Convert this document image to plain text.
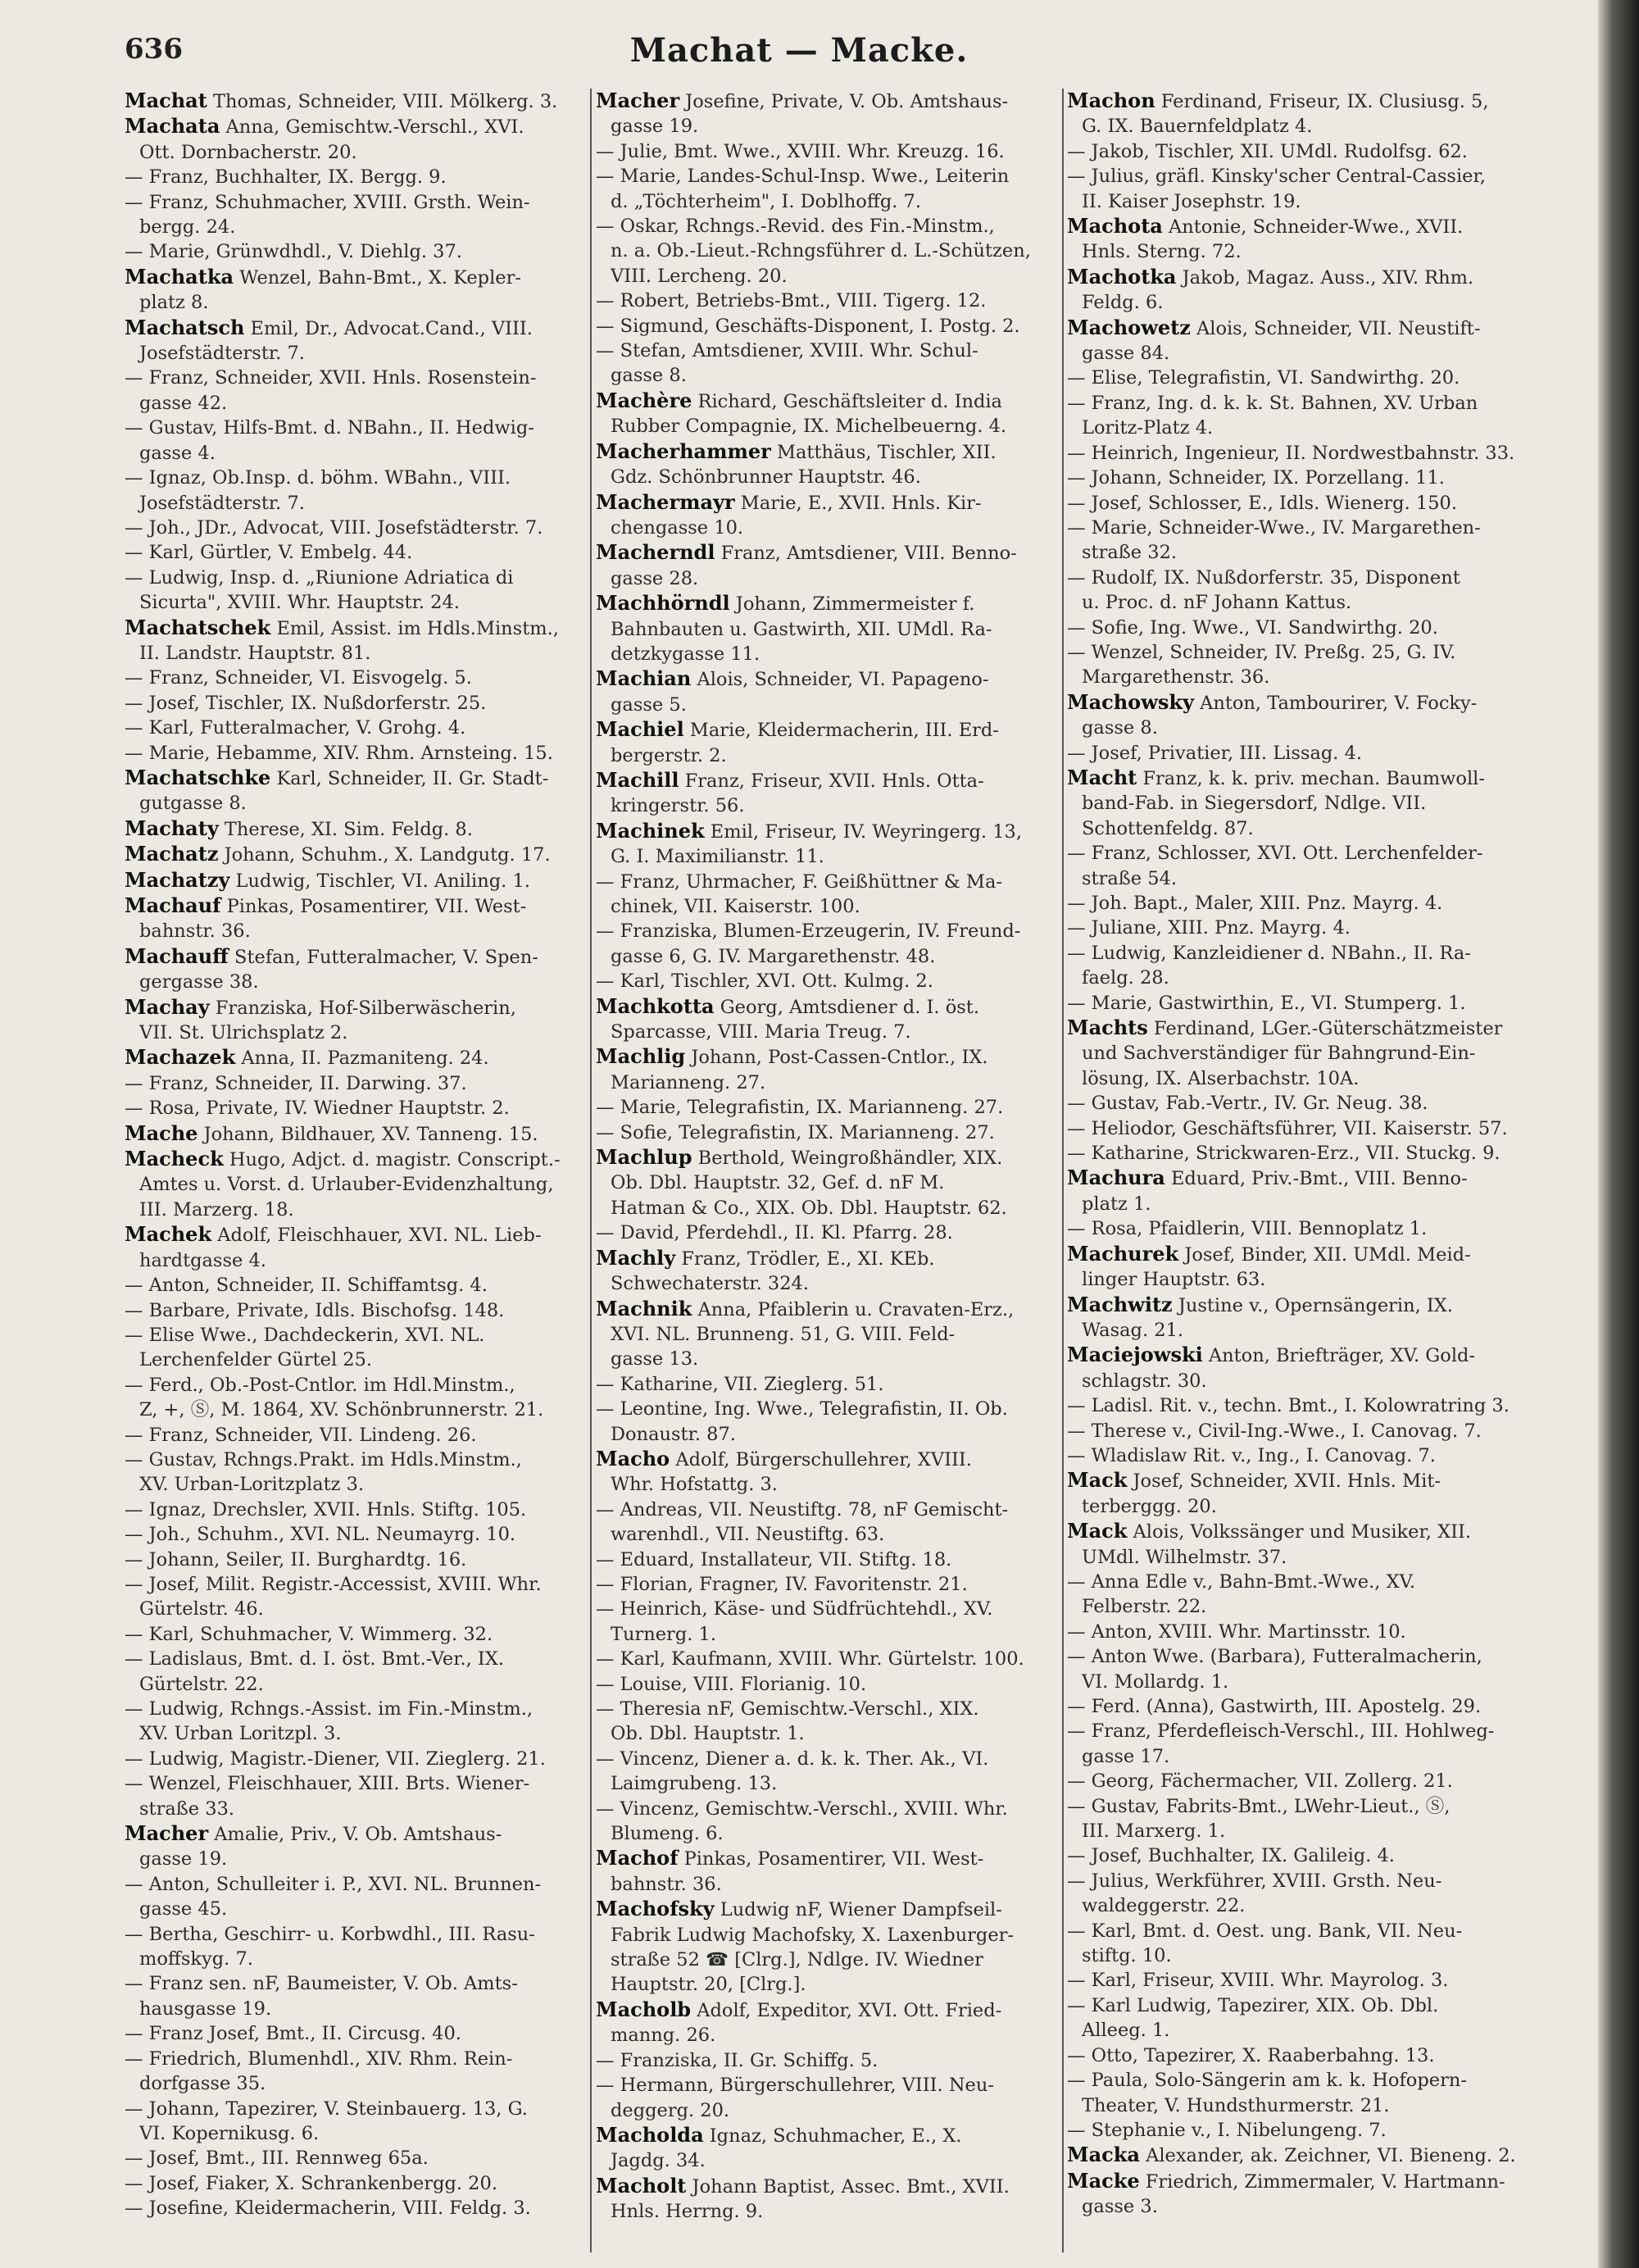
636	Machat — Macke.
Machat Thomas, Schneider, VIII. Mölkerg. 3.
Machata Anna, Gemischtw.-Verschl., XVI.
Ott. Dornbacherstr. 20.
— Franz, Buchhalter, IX. Bergg. 9.
— Franz, Schuhmacher, XVIII. Grsth. Wein-
bergg. 24.
— Marie, Grünwdhdl., V. Diehlg. 37.
Machatka Wenzel, Bahn-Bmt., X. Kepler-
platz 8.
Machatsch Emil, Dr., Advocat.Cand., VIII.
Josefstädterstr. 7.
— Franz, Schneider, XVII. Hnls. Rosenstein-
gasse 42.
— Gustav, Hilfs-Bmt. d. NBahn., II. Hedwig-
gasse 4.
— Ignaz, Ob.Insp. d. böhm. WBahn., VIII.
Josefstädterstr. 7.
— Joh., JDr., Advocat, VIII. Josefstädterstr. 7.
— Karl, Gürtler, V. Embelg. 44.
— Ludwig, Insp. d. „Riunione Adriatica di
Sicurta", XVIII. Whr. Hauptstr. 24.
Machatschek Emil, Assist. im Hdls.Minstm.,
II. Landstr. Hauptstr. 81.
— Franz, Schneider, VI. Eisvogelg. 5.
— Josef, Tischler, IX. Nußdorferstr. 25.
— Karl, Futteralmacher, V. Grohg. 4.
— Marie, Hebamme, XIV. Rhm. Arnsteing. 15.
Machatschke Karl, Schneider, II. Gr. Stadt-
gutgasse 8.
Machaty Therese, XI. Sim. Feldg. 8.
Machatz Johann, Schuhm., X. Landgutg. 17.
Machatzy Ludwig, Tischler, VI. Aniling. 1.
Machauf Pinkas, Posamentirer, VII. West-
bahnstr. 36.
Machauff Stefan, Futteralmacher, V. Spen-
gergasse 38.
Machay Franziska, Hof-Silberwäscherin,
VII. St. Ulrichsplatz 2.
Machazek Anna, II. Pazmaniteng. 24.
— Franz, Schneider, II. Darwing. 37.
— Rosa, Private, IV. Wiedner Hauptstr. 2.
Mache Johann, Bildhauer, XV. Tanneng. 15.
Macheck Hugo, Adjct. d. magistr. Conscript.-
Amtes u. Vorst. d. Urlauber-Evidenzhaltung,
III. Marzerg. 18.
Machek Adolf, Fleischhauer, XVI. NL. Lieb-
hardtgasse 4.
— Anton, Schneider, II. Schiffamtsg. 4.
— Barbare, Private, Idls. Bischofsg. 148.
— Elise Wwe., Dachdeckerin, XVI. NL.
Lerchenfelder Gürtel 25.
— Ferd., Ob.-Post-Cntlor. im Hdl.Minstm.,
Z, +, Ⓢ, M. 1864, XV. Schönbrunnerstr. 21.
— Franz, Schneider, VII. Lindeng. 26.
— Gustav, Rchngs.Prakt. im Hdls.Minstm.,
XV. Urban-Loritzplatz 3.
— Ignaz, Drechsler, XVII. Hnls. Stiftg. 105.
— Joh., Schuhm., XVI. NL. Neumayrg. 10.
— Johann, Seiler, II. Burghardtg. 16.
— Josef, Milit. Registr.-Accessist, XVIII. Whr.
Gürtelstr. 46.
— Karl, Schuhmacher, V. Wimmerg. 32.
— Ladislaus, Bmt. d. I. öst. Bmt.-Ver., IX.
Gürtelstr. 22.
— Ludwig, Rchngs.-Assist. im Fin.-Minstm.,
XV. Urban Loritzpl. 3.
— Ludwig, Magistr.-Diener, VII. Zieglerg. 21.
— Wenzel, Fleischhauer, XIII. Brts. Wiener-
straße 33.
Macher Amalie, Priv., V. Ob. Amtshaus-
gasse 19.
— Anton, Schulleiter i. P., XVI. NL. Brunnen-
gasse 45.
— Bertha, Geschirr- u. Korbwdhl., III. Rasu-
moffskyg. 7.
— Franz sen. nF, Baumeister, V. Ob. Amts-
hausgasse 19.
— Franz Josef, Bmt., II. Circusg. 40.
— Friedrich, Blumenhdl., XIV. Rhm. Rein-
dorfgasse 35.
— Johann, Tapezirer, V. Steinbauerg. 13, G.
VI. Kopernikusg. 6.
— Josef, Bmt., III. Rennweg 65a.
— Josef, Fiaker, X. Schrankenbergg. 20.
— Josefine, Kleidermacherin, VIII. Feldg. 3.
Macher Josefine, Private, V. Ob. Amtshaus-
gasse 19.
— Julie, Bmt. Wwe., XVIII. Whr. Kreuzg. 16.
— Marie, Landes-Schul-Insp. Wwe., Leiterin
d. „Töchterheim", I. Doblhoffg. 7.
— Oskar, Rchngs.-Revid. des Fin.-Minstm.,
n. a. Ob.-Lieut.-Rchngsführer d. L.-Schützen,
VIII. Lercheng. 20.
— Robert, Betriebs-Bmt., VIII. Tigerg. 12.
— Sigmund, Geschäfts-Disponent, I. Postg. 2.
— Stefan, Amtsdiener, XVIII. Whr. Schul-
gasse 8.
Machère Richard, Geschäftsleiter d. India
Rubber Compagnie, IX. Michelbeuerng. 4.
Macherhammer Matthäus, Tischler, XII.
Gdz. Schönbrunner Hauptstr. 46.
Machermayr Marie, E., XVII. Hnls. Kir-
chengasse 10.
Macherndl Franz, Amtsdiener, VIII. Benno-
gasse 28.
Machhörndl Johann, Zimmermeister f.
Bahnbauten u. Gastwirth, XII. UMdl. Ra-
detzkygasse 11.
Machian Alois, Schneider, VI. Papageno-
gasse 5.
Machiel Marie, Kleidermacherin, III. Erd-
bergerstr. 2.
Machill Franz, Friseur, XVII. Hnls. Otta-
kringerstr. 56.
Machinek Emil, Friseur, IV. Weyringerg. 13,
G. I. Maximilianstr. 11.
— Franz, Uhrmacher, F. Geißhüttner & Ma-
chinek, VII. Kaiserstr. 100.
— Franziska, Blumen-Erzeugerin, IV. Freund-
gasse 6, G. IV. Margarethenstr. 48.
— Karl, Tischler, XVI. Ott. Kulmg. 2.
Machkotta Georg, Amtsdiener d. I. öst.
Sparcasse, VIII. Maria Treug. 7.
Machlig Johann, Post-Cassen-Cntlor., IX.
Marianneng. 27.
— Marie, Telegrafistin, IX. Marianneng. 27.
— Sofie, Telegrafistin, IX. Marianneng. 27.
Machlup Berthold, Weingroßhändler, XIX.
Ob. Dbl. Hauptstr. 32, Gef. d. nF M.
Hatman & Co., XIX. Ob. Dbl. Hauptstr. 62.
— David, Pferdehdl., II. Kl. Pfarrg. 28.
Machly Franz, Trödler, E., XI. KEb.
Schwechaterstr. 324.
Machnik Anna, Pfaiblerin u. Cravaten-Erz.,
XVI. NL. Brunneng. 51, G. VIII. Feld-
gasse 13.
— Katharine, VII. Zieglerg. 51.
— Leontine, Ing. Wwe., Telegrafistin, II. Ob.
Donaustr. 87.
Macho Adolf, Bürgerschullehrer, XVIII.
Whr. Hofstattg. 3.
— Andreas, VII. Neustiftg. 78, nF Gemischt-
warenhdl., VII. Neustiftg. 63.
— Eduard, Installateur, VII. Stiftg. 18.
— Florian, Fragner, IV. Favoritenstr. 21.
— Heinrich, Käse- und Südfrüchtehdl., XV.
Turnerg. 1.
— Karl, Kaufmann, XVIII. Whr. Gürtelstr. 100.
— Louise, VIII. Florianig. 10.
— Theresia nF, Gemischtw.-Verschl., XIX.
Ob. Dbl. Hauptstr. 1.
— Vincenz, Diener a. d. k. k. Ther. Ak., VI.
Laimgrubeng. 13.
— Vincenz, Gemischtw.-Verschl., XVIII. Whr.
Blumeng. 6.
Machof Pinkas, Posamentirer, VII. West-
bahnstr. 36.
Machofsky Ludwig nF, Wiener Dampfseil-
Fabrik Ludwig Machofsky, X. Laxenburger-
straße 52 ☎ [Clrg.], Ndlge. IV. Wiedner
Hauptstr. 20, [Clrg.].
Macholb Adolf, Expeditor, XVI. Ott. Fried-
manng. 26.
— Franziska, II. Gr. Schiffg. 5.
— Hermann, Bürgerschullehrer, VIII. Neu-
deggerg. 20.
Macholda Ignaz, Schuhmacher, E., X.
Jagdg. 34.
Macholt Johann Baptist, Assec. Bmt., XVII.
Hnls. Herrng. 9.
Machon Ferdinand, Friseur, IX. Clusiusg. 5,
G. IX. Bauernfeldplatz 4.
— Jakob, Tischler, XII. UMdl. Rudolfsg. 62.
— Julius, gräfl. Kinsky'scher Central-Cassier,
II. Kaiser Josephstr. 19.
Machota Antonie, Schneider-Wwe., XVII.
Hnls. Sterng. 72.
Machotka Jakob, Magaz. Auss., XIV. Rhm.
Feldg. 6.
Machowetz Alois, Schneider, VII. Neustift-
gasse 84.
— Elise, Telegrafistin, VI. Sandwirthg. 20.
— Franz, Ing. d. k. k. St. Bahnen, XV. Urban
Loritz-Platz 4.
— Heinrich, Ingenieur, II. Nordwestbahnstr. 33.
— Johann, Schneider, IX. Porzellang. 11.
— Josef, Schlosser, E., Idls. Wienerg. 150.
— Marie, Schneider-Wwe., IV. Margarethen-
straße 32.
— Rudolf, IX. Nußdorferstr. 35, Disponent
u. Proc. d. nF Johann Kattus.
— Sofie, Ing. Wwe., VI. Sandwirthg. 20.
— Wenzel, Schneider, IV. Preßg. 25, G. IV.
Margarethenstr. 36.
Machowsky Anton, Tambourirer, V. Focky-
gasse 8.
— Josef, Privatier, III. Lissag. 4.
Macht Franz, k. k. priv. mechan. Baumwoll-
band-Fab. in Siegersdorf, Ndlge. VII.
Schottenfeldg. 87.
— Franz, Schlosser, XVI. Ott. Lerchenfelder-
straße 54.
— Joh. Bapt., Maler, XIII. Pnz. Mayrg. 4.
— Juliane, XIII. Pnz. Mayrg. 4.
— Ludwig, Kanzleidiener d. NBahn., II. Ra-
faelg. 28.
— Marie, Gastwirthin, E., VI. Stumperg. 1.
Machts Ferdinand, LGer.-Güterschätzmeister
und Sachverständiger für Bahngrund-Ein-
lösung, IX. Alserbachstr. 10A.
— Gustav, Fab.-Vertr., IV. Gr. Neug. 38.
— Heliodor, Geschäftsführer, VII. Kaiserstr. 57.
— Katharine, Strickwaren-Erz., VII. Stuckg. 9.
Machura Eduard, Priv.-Bmt., VIII. Benno-
platz 1.
— Rosa, Pfaidlerin, VIII. Bennoplatz 1.
Machurek Josef, Binder, XII. UMdl. Meid-
linger Hauptstr. 63.
Machwitz Justine v., Opernsängerin, IX.
Wasag. 21.
Maciejowski Anton, Briefträger, XV. Gold-
schlagstr. 30.
— Ladisl. Rit. v., techn. Bmt., I. Kolowratring 3.
— Therese v., Civil-Ing.-Wwe., I. Canovag. 7.
— Wladislaw Rit. v., Ing., I. Canovag. 7.
Mack Josef, Schneider, XVII. Hnls. Mit-
terberggg. 20.
Mack Alois, Volkssänger und Musiker, XII.
UMdl. Wilhelmstr. 37.
— Anna Edle v., Bahn-Bmt.-Wwe., XV.
Felberstr. 22.
— Anton, XVIII. Whr. Martinsstr. 10.
— Anton Wwe. (Barbara), Futteralmacherin,
VI. Mollardg. 1.
— Ferd. (Anna), Gastwirth, III. Apostelg. 29.
— Franz, Pferdefleisch-Verschl., III. Hohlweg-
gasse 17.
— Georg, Fächermacher, VII. Zollerg. 21.
— Gustav, Fabrits-Bmt., LWehr-Lieut., Ⓢ,
III. Marxerg. 1.
— Josef, Buchhalter, IX. Galileig. 4.
— Julius, Werkführer, XVIII. Grsth. Neu-
waldeggerstr. 22.
— Karl, Bmt. d. Oest. ung. Bank, VII. Neu-
stiftg. 10.
— Karl, Friseur, XVIII. Whr. Mayrolog. 3.
— Karl Ludwig, Tapezirer, XIX. Ob. Dbl.
Alleeg. 1.
— Otto, Tapezirer, X. Raaberbahng. 13.
— Paula, Solo-Sängerin am k. k. Hofopern-
Theater, V. Hundsthurmerstr. 21.
— Stephanie v., I. Nibelungeng. 7.
Macka Alexander, ak. Zeichner, VI. Bieneng. 2.
Macke Friedrich, Zimmermaler, V. Hartmann-
gasse 3.
